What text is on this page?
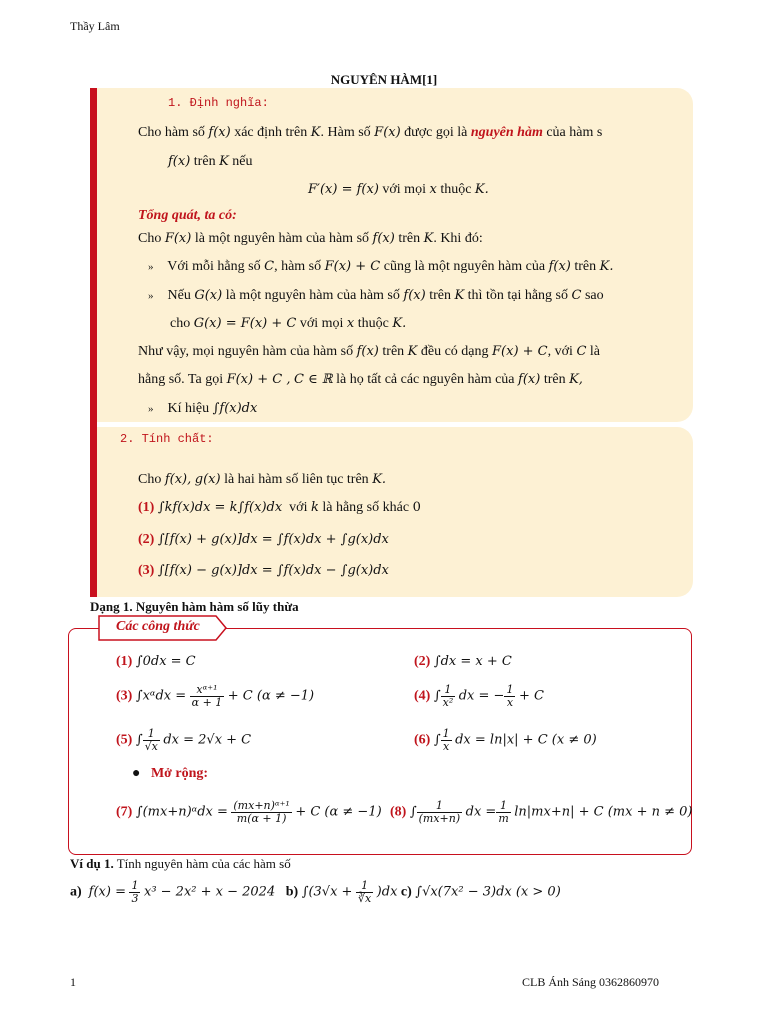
Thầy Lâm
NGUYÊN HÀM[1]
1. Định nghĩa:
Cho hàm số f(x) xác định trên K. Hàm số F(x) được gọi là nguyên hàm của hàm s
f(x) trên K nếu
F′(x) = f(x) với mọi x thuộc K.
Tổng quát, ta có:
Cho F(x) là một nguyên hàm của hàm số f(x) trên K. Khi đó:
» Với mỗi hằng số C, hàm số F(x) + C cũng là một nguyên hàm của f(x) trên K.
» Nếu G(x) là một nguyên hàm của hàm số f(x) trên K thì tồn tại hằng số C sao
cho G(x) = F(x) + C với mọi x thuộc K.
Như vậy, mọi nguyên hàm của hàm số f(x) trên K đều có dạng F(x) + C, với C là
hằng số. Ta gọi F(x) + C , C ∈ ℝ là họ tất cả các nguyên hàm của f(x) trên K,
» Kí hiệu ∫f(x)dx
2. Tính chất:
Cho f(x), g(x) là hai hàm số liên tục trên K.
(1) ∫kf(x)dx = k∫f(x)dx với k là hằng số khác 0
(2) ∫[f(x) + g(x)]dx = ∫f(x)dx + ∫g(x)dx
(3) ∫[f(x) − g(x)]dx = ∫f(x)dx − ∫g(x)dx
Dạng 1. Nguyên hàm hàm số lũy thừa
Các công thức
(1) ∫0dx = C	(2) ∫dx = x + C
(3) ∫xᵅdx = $\frac{\text{xᵅ⁺¹}}{\alpha + 1} + C$ (α ≠ −1)	(4) ∫ $\frac{1}{\text{x²}}$ dx = − $\frac{1}{x} + C$
(5) ∫ $\frac{1}{√x}$ dx = 2√x + C	(6) ∫ $\frac{1}{x}$ dx = ln|x| + C (x ≠ 0)
● Mở rộng:
(7) ∫(mx+n)ᵅdx = $\frac{\text{(mx+n)ᵅ⁺¹}}{m(\alpha + 1)} + C$ (α ≠ −1) (8) ∫ $\frac{1}{(mx+n)}$ dx = $\frac{1}{m} \ln|mx+n| + C$ (mx + n ≠ 0)
Ví dụ 1. Tính nguyên hàm của các hàm số
a) $f(x) = \frac{1}{3} x^3 - 2x^2 + x - 2024$ b) $\int(3√x + \frac{1}{∛x} )dx$ c) ∫√x(7x² − 3)dx (x > 0)
1	CLB Ánh Sáng 0362860970
